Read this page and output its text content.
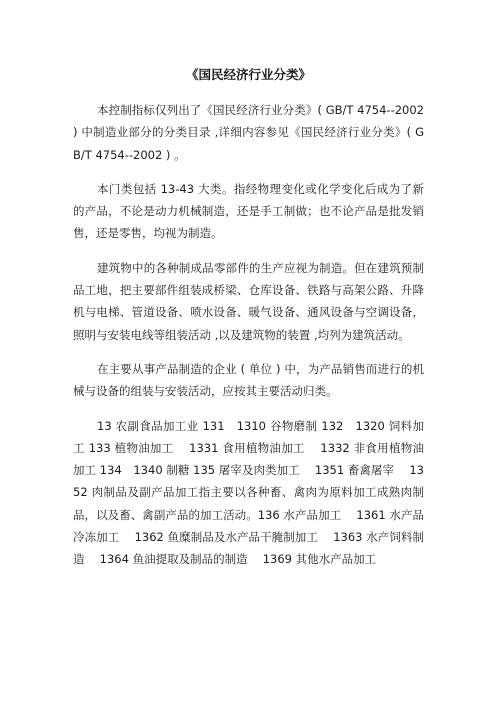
《国民经济行业分类》

本控制指标仅列出了《国民经济行业分类》( GB/T 4754--2002 ) 中制造业部分的分类目录 ,详细内容参见《国民经济行业分类》( GB/T 4754--2002 ) 。

本门类包括 13-43 大类。指经物理变化或化学变化后成为了新的产品，不论是动力机械制造，还是手工制做；也不论产品是批发销售，还是零售，均视为制造。

建筑物中的各种制成品零部件的生产应视为制造。但在建筑预制品工地，把主要部件组装成桥梁、仓库设备、铁路与高架公路、升降机与电梯、管道设备、喷水设备、暖气设备、通风设备与空调设备，照明与安装电线等组装活动 ,以及建筑物的装置 ,均列为建筑活动。

在主要从事产品制造的企业 ( 单位 ) 中，为产品销售而进行的机械与设备的组装与安装活动，应按其主要活动归类。

13 农副食品加工业 131　1310 谷物磨制 132　1320 饲料加工 133 植物油加工　 1331 食用植物油加工　 1332 非食用植物油加工 134　1340 制糖 135 屠宰及肉类加工　 1351 畜禽屠宰　 1352 肉制品及副产品加工指主要以各种畜、禽肉为原料加工成熟肉制品，以及畜、禽副产品的加工活动。136 水产品加工　 1361 水产品冷冻加工　 1362 鱼糜制品及水产品干腌制加工　 1363 水产饲料制造　 1364 鱼油提取及制品的制造　 1369 其他水产品加工
